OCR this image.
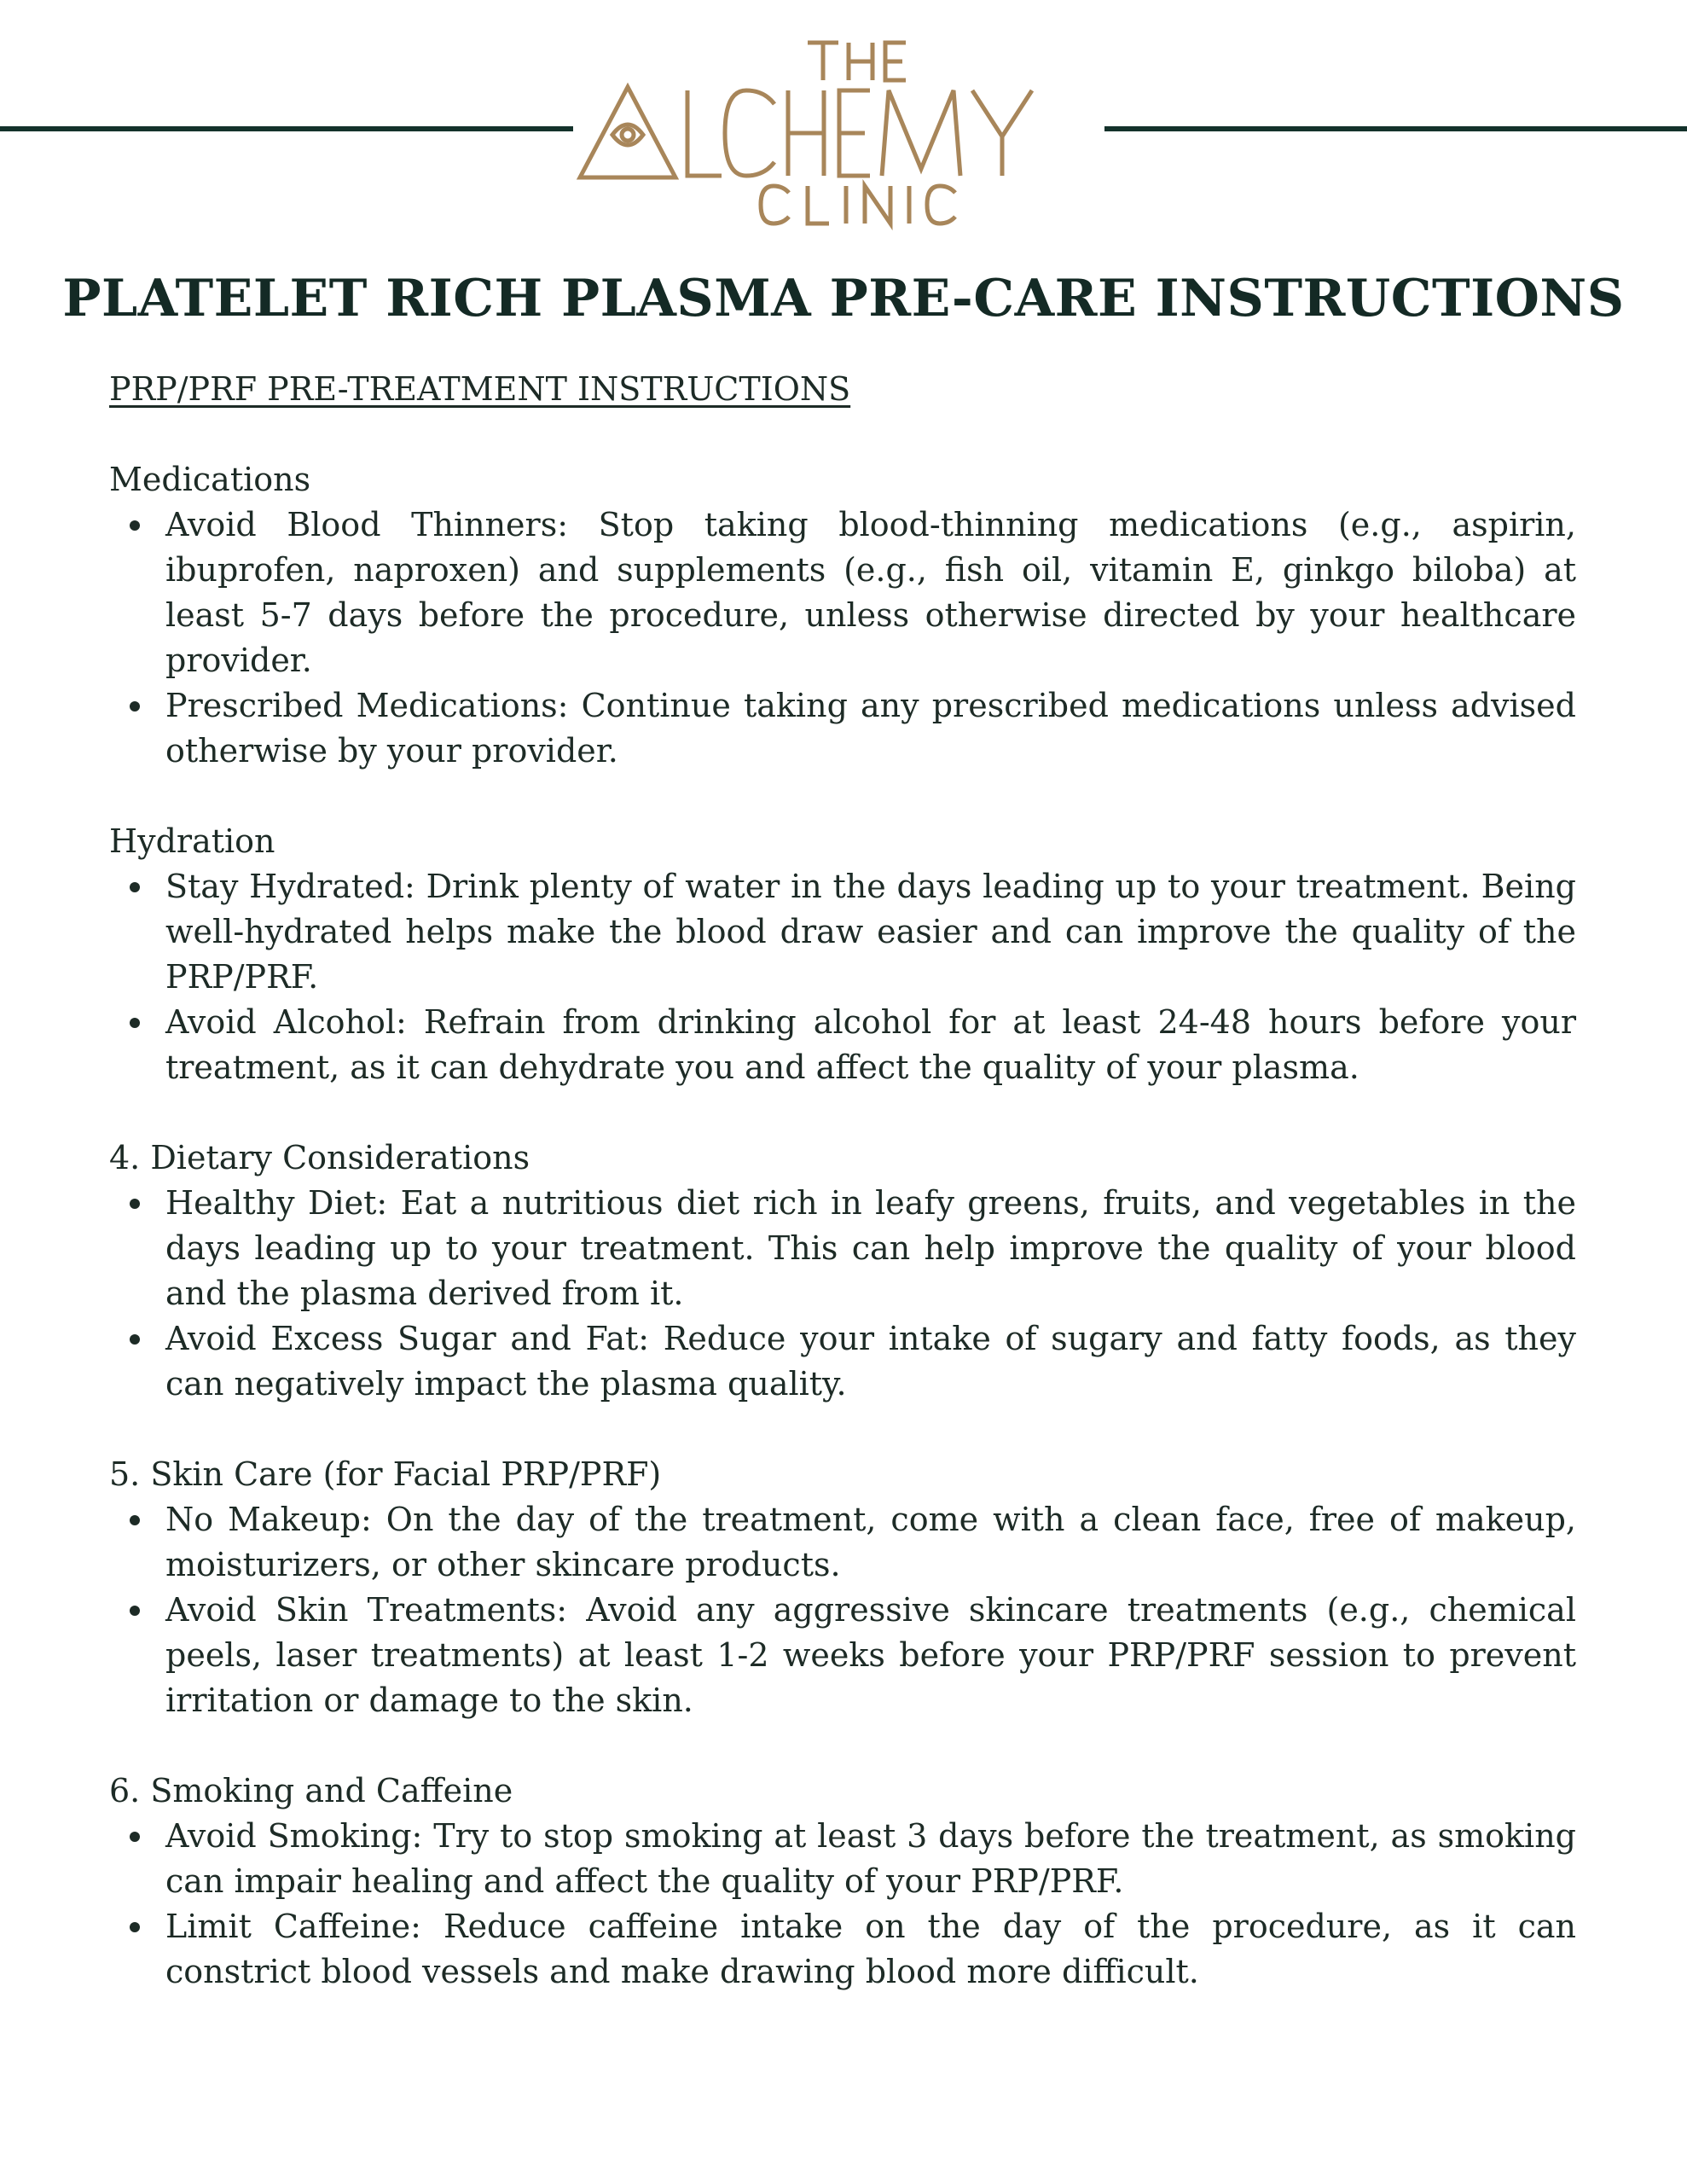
PLATELET RICH PLASMA PRE-CARE INSTRUCTIONS

PRP/PRF PRE-TREATMENT INSTRUCTIONS

Medications

Avoid Blood Thinners: Stop taking blood-thinning medications (e.g., aspirin, ibuprofen, naproxen) and supplements (e.g., fish oil, vitamin E, ginkgo biloba) at least 5-7 days before the procedure, unless otherwise directed by your healthcare provider.
Prescribed Medications: Continue taking any prescribed medications unless advised otherwise by your provider.

Hydration

Stay Hydrated: Drink plenty of water in the days leading up to your treatment. Being well-hydrated helps make the blood draw easier and can improve the quality of the PRP/PRF.
Avoid Alcohol: Refrain from drinking alcohol for at least 24-48 hours before your treatment, as it can dehydrate you and affect the quality of your plasma.

4. Dietary Considerations

Healthy Diet: Eat a nutritious diet rich in leafy greens, fruits, and vegetables in the days leading up to your treatment. This can help improve the quality of your blood and the plasma derived from it.
Avoid Excess Sugar and Fat: Reduce your intake of sugary and fatty foods, as they can negatively impact the plasma quality.

5. Skin Care (for Facial PRP/PRF)

No Makeup: On the day of the treatment, come with a clean face, free of makeup, moisturizers, or other skincare products.
Avoid Skin Treatments: Avoid any aggressive skincare treatments (e.g., chemical peels, laser treatments) at least 1-2 weeks before your PRP/PRF session to prevent irritation or damage to the skin.

6. Smoking and Caffeine

Avoid Smoking: Try to stop smoking at least 3 days before the treatment, as smoking can impair healing and affect the quality of your PRP/PRF.
Limit Caffeine: Reduce caffeine intake on the day of the procedure, as it can constrict blood vessels and make drawing blood more difficult.
